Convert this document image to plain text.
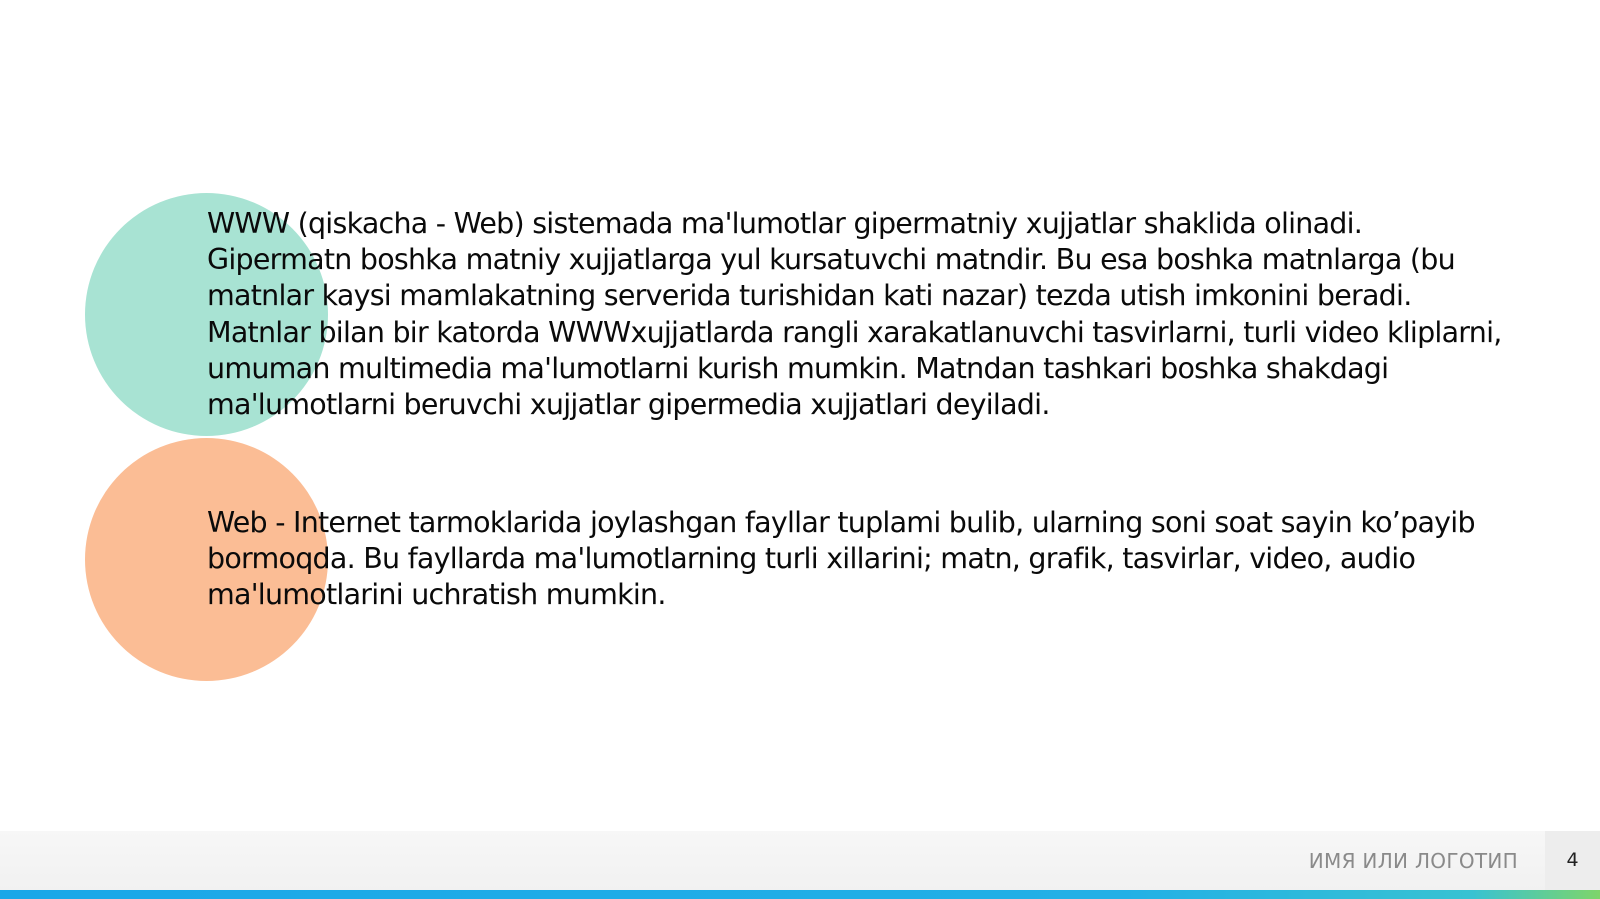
WWW (qiskacha - Web) sistemada ma'lumotlar gipermatniy xujjatlar shaklida olinadi. Gipermatn boshka matniy xujjatlarga yul kursatuvchi matndir. Bu esa boshka matnlarga (bu matnlar kaysi mamlakatning serverida turishidan kati nazar) tezda utish imkonini beradi. Matnlar bilan bir katorda WWWxujjatlarda rangli xarakatlanuvchi tasvirlarni, turli video kliplarni, umuman multimedia ma'lumotlarni kurish mumkin. Matndan tashkari boshka shakdagi ma'lumotlarni beruvchi xujjatlar gipermedia xujjatlari deyiladi.

Web - Internet tarmoklarida joylashgan fayllar tuplami bulib, ularning soni soat sayin ko’payib bormoqda. Bu fayllarda ma'lumotlarning turli xillarini; matn, grafik, tasvirlar, video, audio ma'lumotlarini uchratish mumkin.

ИМЯ ИЛИ ЛОГОТИП	4
